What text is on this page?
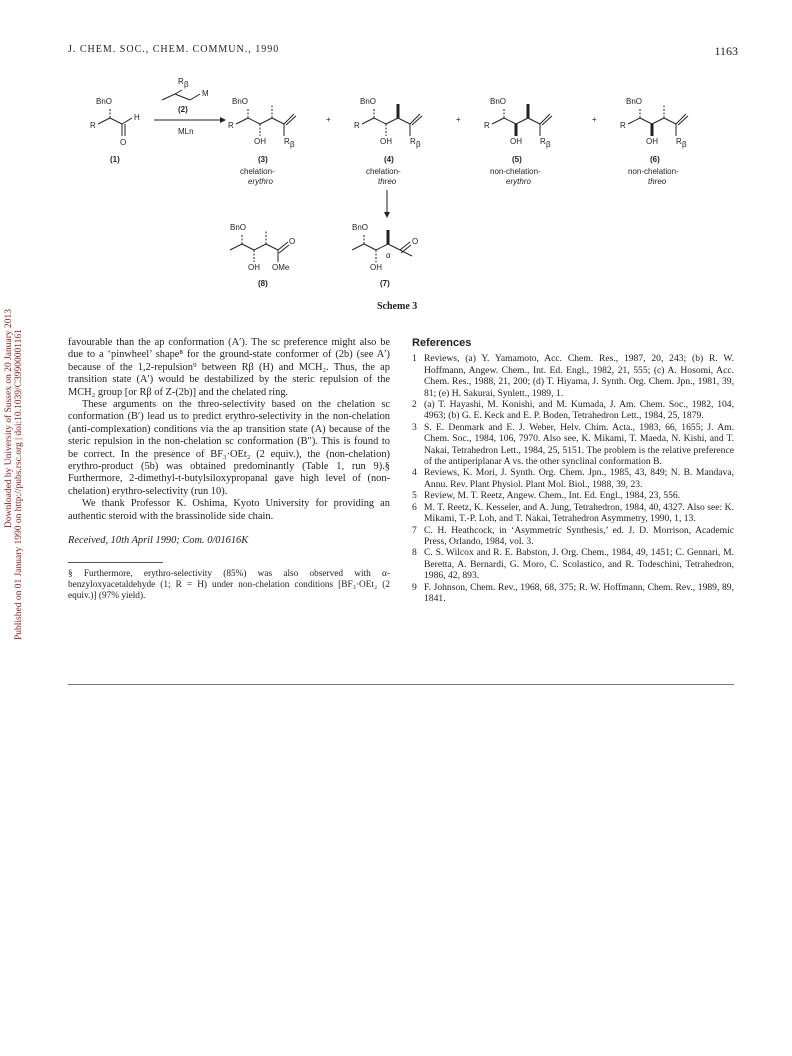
J. CHEM. SOC., CHEM. COMMUN., 1990	1163
Downloaded by University of Sussex on 20 January 2013 Published on 01 January 1990 on http://pubs.rsc.org | doi:10.1039/C39900001161
BnO
R
H
O
(1)
R β
M
(2)
MLn
BnO
R
OH R β
(3)
chelation-
erythro
+
BnO
R
OH R β
(4)
chelation-
threo
+
BnO
R
OH R β
(5)
non-chelation-
erythro
+
BnO
R
OH R β
(6)
non-chelation-
threo
BnO
O
OH OMe
(8)
BnO
O
α
OH
(7)
Scheme 3

favourable than the ap conformation (A′). The sc preference might also be due to a ‘pinwheel’ shape⁸ for the ground-state conformer of (2b) (see A′) because of the 1,2-repulsion⁹ between Rβ (H) and MCH₂. Thus, the ap transition state (A′) would be destabilized by the steric repulsion of the MCH₂ group [or Rβ of Z-(2b)] and the chelated ring.

These arguments on the threo-selectivity based on the chelation sc conformation (B′) lead us to predict erythro-selectivity in the non-chelation (anti-complexation) conditions via the ap transition state (A) because of the steric repulsion in the non-chelation sc conformation (B″). This is found to be correct. In the presence of BF₃·OEt₂ (2 equiv.), the (non-chelation) erythro-product (5b) was obtained predominantly (Table 1, run 9).§ Furthermore, 2-dimethyl-t-butylsiloxypropanal gave high level of (non-chelation) erythro-selectivity (run 10).

We thank Professor K. Oshima, Kyoto University for providing an authentic steroid with the brassinolide side chain.

Received, 10th April 1990; Com. 0/01616K

§ Furthermore, erythro-selectivity (85%) was also observed with α-benzyloxyacetaldehyde (1; R = H) under non-chelation conditions [BF₃·OEt₂ (2 equiv.)] (97% yield).

References

1 Reviews, (a) Y. Yamamoto, Acc. Chem. Res., 1987, 20, 243; (b) R. W. Hoffmann, Angew. Chem., Int. Ed. Engl., 1982, 21, 555; (c) A. Hosomi, Acc. Chem. Res., 1988, 21, 200; (d) T. Hiyama, J. Synth. Org. Chem. Jpn., 1981, 39, 81; (e) H. Sakurai, Synlett., 1989, 1.
2 (a) T. Hayashi, M. Konishi, and M. Kumada, J. Am. Chem. Soc., 1982, 104, 4963; (b) G. E. Keck and E. P. Boden, Tetrahedron Lett., 1984, 25, 1879.
3 S. E. Denmark and E. J. Weber, Helv. Chim. Acta., 1983, 66, 1655; J. Am. Chem. Soc., 1984, 106, 7970. Also see, K. Mikami, T. Maeda, N. Kishi, and T. Nakai, Tetrahedron Lett., 1984, 25, 5151. The problem is the relative preference of the antiperiplanar A vs. the other synclinal conformation B.
4 Reviews, K. Mori, J. Synth. Org. Chem. Jpn., 1985, 43, 849; N. B. Mandava, Annu. Rev. Plant Physiol. Plant Mol. Biol., 1988, 39, 23.
5 Review, M. T. Reetz, Angew. Chem., Int. Ed. Engl., 1984, 23, 556.
6 M. T. Reetz, K. Kesseler, and A. Jung, Tetrahedron, 1984, 40, 4327. Also see: K. Mikami, T.-P. Loh, and T. Nakai, Tetrahedron Asymmetry, 1990, 1, 13.
7 C. H. Heathcock, in ‘Asymmetric Synthesis,’ ed. J. D. Morrison, Academic Press, Orlando, 1984, vol. 3.
8 C. S. Wilcox and R. E. Babston, J. Org. Chem., 1984, 49, 1451; C. Gennari, M. Beretta, A. Bernardi, G. Moro, C. Scolastico, and R. Todeschini, Tetrahedron, 1986, 42, 893.
9 F. Johnson, Chem. Rev., 1968, 68, 375; R. W. Hoffmann, Chem. Rev., 1989, 89, 1841.
